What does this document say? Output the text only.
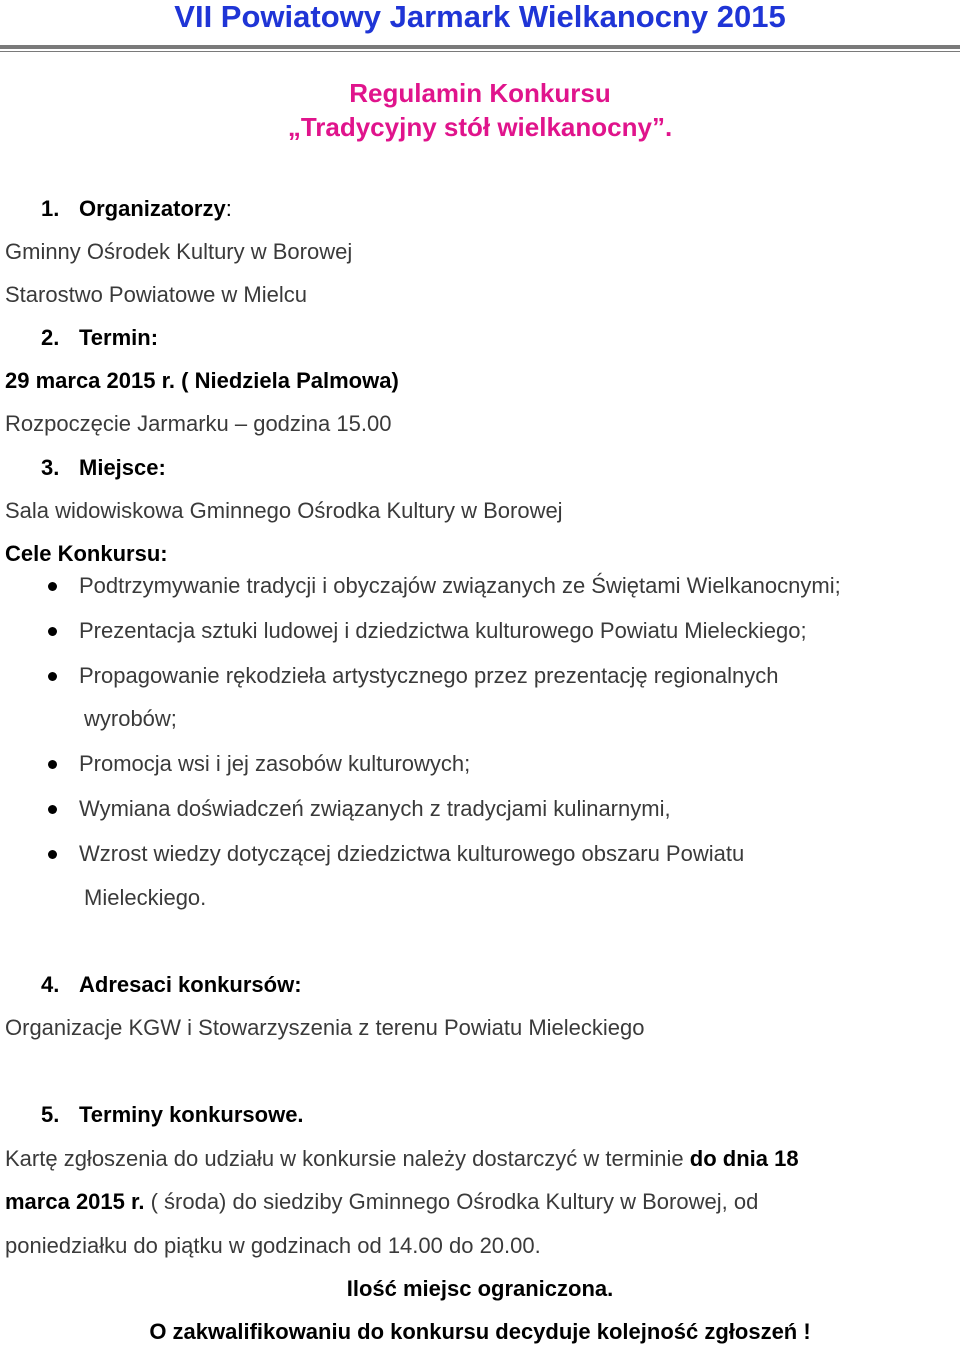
VII Powiatowy Jarmark Wielkanocny 2015
Regulamin Konkursu
„Tradycyjny stół wielkanocny”.
1. Organizatorzy:
Gminny Ośrodek Kultury w Borowej
Starostwo Powiatowe w Mielcu
2. Termin:
29 marca 2015 r. ( Niedziela Palmowa)
Rozpoczęcie Jarmarku – godzina 15.00
3. Miejsce:
Sala widowiskowa Gminnego Ośrodka Kultury w Borowej
Cele Konkursu:
Podtrzymywanie tradycji i obyczajów związanych ze Świętami Wielkanocnymi;
Prezentacja sztuki ludowej i dziedzictwa kulturowego Powiatu Mieleckiego;
Propagowanie rękodzieła artystycznego przez prezentację regionalnych
wyrobów;
Promocja wsi i jej zasobów kulturowych;
Wymiana doświadczeń związanych z tradycjami kulinarnymi,
Wzrost wiedzy dotyczącej dziedzictwa kulturowego obszaru Powiatu
Mieleckiego.
4. Adresaci konkursów:
Organizacje KGW i Stowarzyszenia z terenu Powiatu Mieleckiego
5. Terminy konkursowe.
Kartę zgłoszenia do udziału w konkursie należy dostarczyć w terminie do dnia 18
marca 2015 r. ( środa) do siedziby Gminnego Ośrodka Kultury w Borowej, od
poniedziałku do piątku w godzinach od 14.00 do 20.00.
Ilość miejsc ograniczona.
O zakwalifikowaniu do konkursu decyduje kolejność zgłoszeń !
